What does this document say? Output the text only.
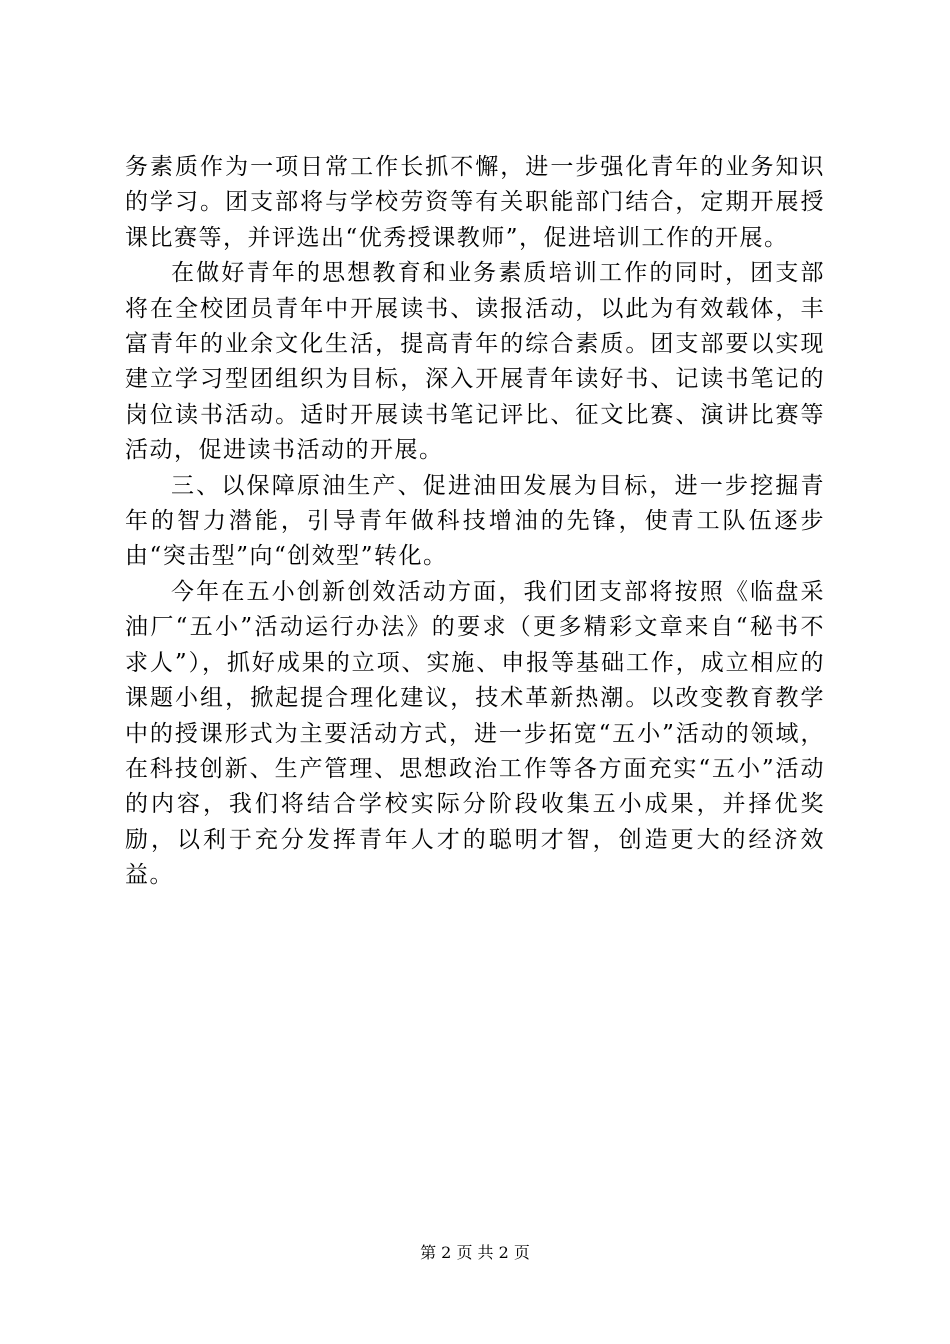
务素质作为一项日常工作长抓不懈，进一步强化青年的业务知识的学习。团支部将与学校劳资等有关职能部门结合，定期开展授课比赛等，并评选出“优秀授课教师”，促进培训工作的开展。

在做好青年的思想教育和业务素质培训工作的同时，团支部将在全校团员青年中开展读书、读报活动，以此为有效载体，丰富青年的业余文化生活，提高青年的综合素质。团支部要以实现建立学习型团组织为目标，深入开展青年读好书、记读书笔记的岗位读书活动。适时开展读书笔记评比、征文比赛、演讲比赛等活动，促进读书活动的开展。

三、以保障原油生产、促进油田发展为目标，进一步挖掘青年的智力潜能，引导青年做科技增油的先锋，使青工队伍逐步由“突击型”向“创效型”转化。

今年在五小创新创效活动方面，我们团支部将按照《临盘采油厂“五小”活动运行办法》的要求（更多精彩文章来自“秘书不求人”），抓好成果的立项、实施、申报等基础工作，成立相应的课题小组，掀起提合理化建议，技术革新热潮。以改变教育教学中的授课形式为主要活动方式，进一步拓宽“五小”活动的领域，在科技创新、生产管理、思想政治工作等各方面充实“五小”活动的内容，我们将结合学校实际分阶段收集五小成果，并择优奖励，以利于充分发挥青年人才的聪明才智，创造更大的经济效益。

第 2 页 共 2 页
